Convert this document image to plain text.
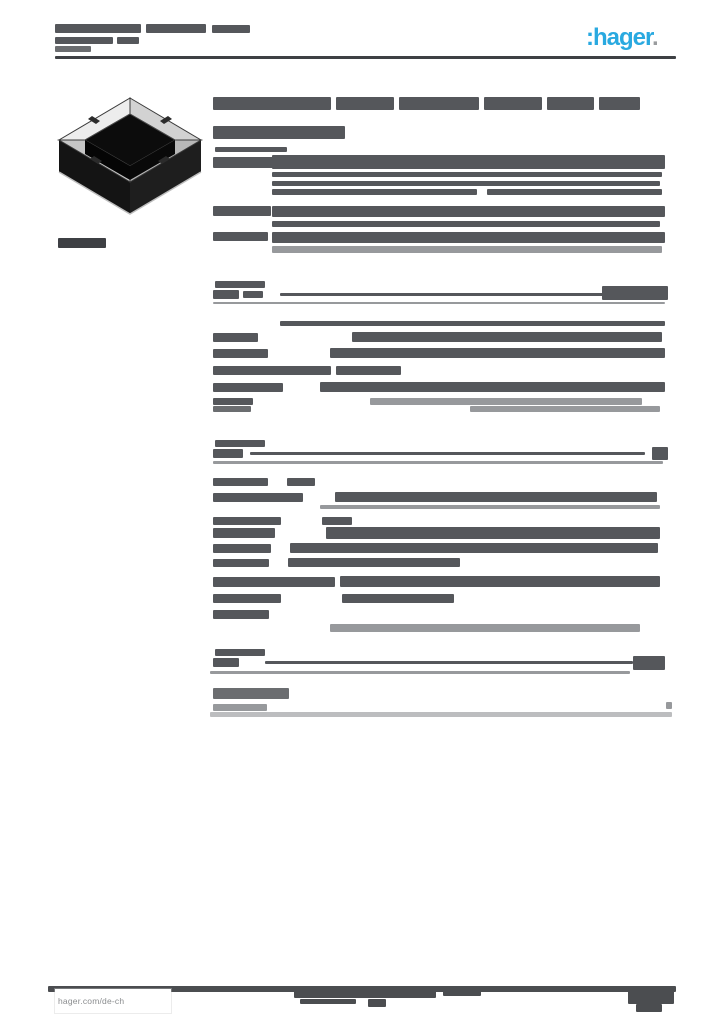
:hager.
hager.com/de-ch
